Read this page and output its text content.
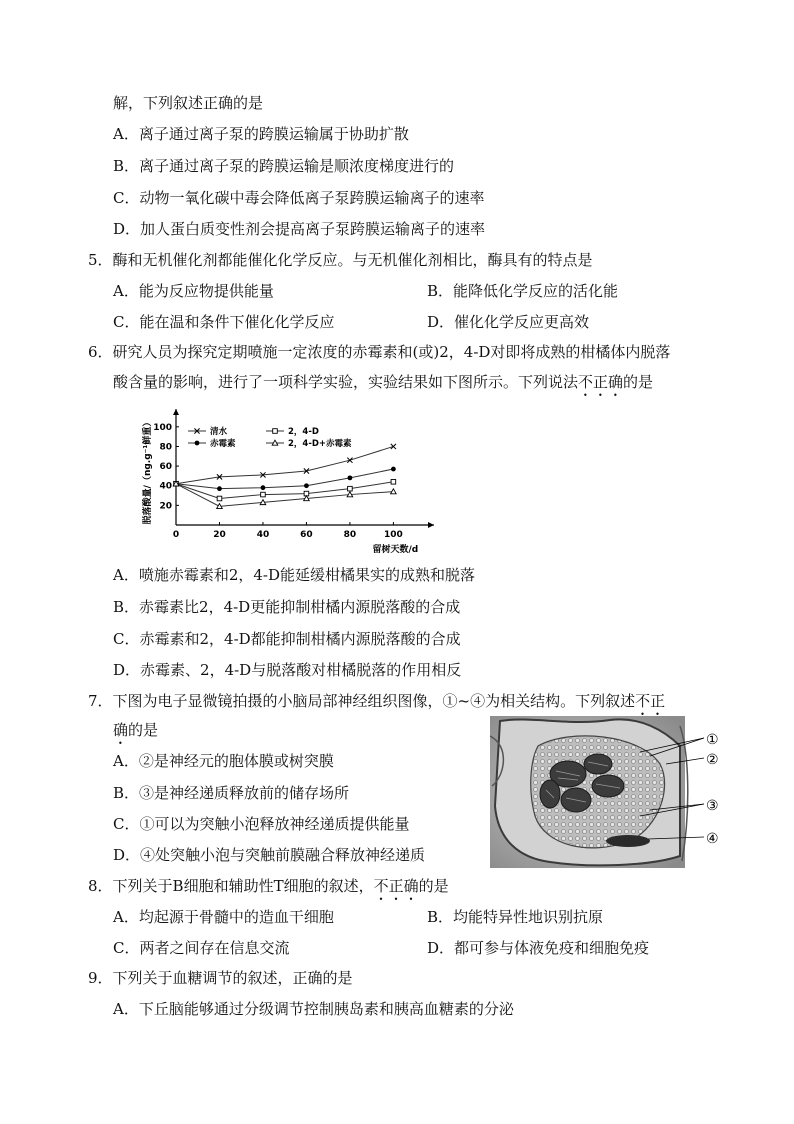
解，下列叙述正确的是
A．离子通过离子泵的跨膜运输属于协助扩散
B．离子通过离子泵的跨膜运输是顺浓度梯度进行的
C．动物一氧化碳中毒会降低离子泵跨膜运输离子的速率
D．加人蛋白质变性剂会提高离子泵跨膜运输离子的速率
5．酶和无机催化剂都能催化化学反应。与无机催化剂相比，酶具有的特点是
A．能为反应物提供能量	B．能降低化学反应的活化能
C．能在温和条件下催化化学反应	D．催化化学反应更高效
6．研究人员为探究定期喷施一定浓度的赤霉素和(或)2，4-D对即将成熟的柑橘体内脱落
酸含量的影响，进行了一项科学实验，实验结果如下图所示。下列说法不正确的是
0	20	40	60	80	100
20
40
60
80
100	清水
赤霉素
2，4-D
2，4-D+赤霉素
脱落酸量/（ng.g⁻¹鲜重）
留树天数/d
A．喷施赤霉素和2，4-D能延缓柑橘果实的成熟和脱落
B．赤霉素比2，4-D更能抑制柑橘内源脱落酸的合成
C．赤霉素和2，4-D都能抑制柑橘内源脱落酸的合成
D．赤霉素、2，4-D与脱落酸对柑橘脱落的作用相反
7．下图为电子显微镜拍摄的小脑局部神经组织图像，①~④为相关结构。下列叙述不正
确的是
A．②是神经元的胞体膜或树突膜
B．③是神经递质释放前的储存场所
C．①可以为突触小泡释放神经递质提供能量
D．④处突触小泡与突触前膜融合释放神经递质
①
②
③
④
8．下列关于B细胞和辅助性T细胞的叙述，不正确的是
A．均起源于骨髓中的造血干细胞	B．均能特异性地识别抗原
C．两者之间存在信息交流	D．都可参与体液免疫和细胞免疫
9．下列关于血糖调节的叙述，正确的是
A．下丘脑能够通过分级调节控制胰岛素和胰高血糖素的分泌
